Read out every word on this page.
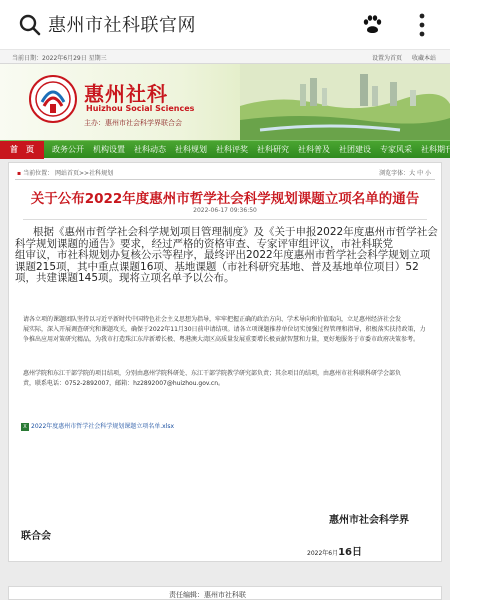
惠州市社科联官网
当前日期：2022年6月29日 星期三	设置为首页 收藏本站
惠州社科
Huizhou Social Sciences
主办：惠州市社会科学界联合会
首　页	政务公开 机构设置 社科动态 社科规划 社科评奖 社科研究 社科普及 社团建设 专家风采 社科期刊 图片中心
▪ 当前位置： 网站首页>>社科规划	浏览字体：大 中 小
关于公布2022年度惠州市哲学社会科学规划课题立项名单的通告
2022-06-17 09:36:50
根据《惠州市哲学社会科学规划项目管理制度》及《关于申报2022年度惠州市哲学社会
科学规划课题的通告》要求，经过严格的资格审查、专家评审组评议，市社科联党
组审议，市社科规划办复核公示等程序，最终评出2022年度惠州市哲学社会科学规划立项
课题215项，其中重点课题16项、基地课题（市社科研究基地、普及基地单位项目）52
项，共建课题145项。现将立项名单予以公布。
请各立项的课题团队坚持以习近平新时代中国特色社会主义思想为指导，牢牢把握正确的政治方向、学术导向和价值取向，立足惠州经济社会发
展实际，深入开展调查研究和课题攻关，确保于2022年11月30日前申请结项。请各立项课题推荐单位切实加强过程管理和指导，积极落实扶持政策，力
争推出应用对策研究精品，为我市打造珠江东岸新增长极、粤港澳大湾区高质量发展重要增长极贡献智慧和力量，更好地服务于市委市政府决策参考。
惠州学院和东江干部学院的项目结项，分别由惠州学院科研处、东江干部学院教学研究部负责；其余项目的结项，由惠州市社科联科研学会部负
责，联系电话：0752-2892007，邮箱：hz2892007@huizhou.gov.cn。
X 2022年度惠州市哲学社会科学规划课题立项名单.xlsx
惠州市社会科学界
联合会
2022年6月16日
责任编辑：惠州市社科联
